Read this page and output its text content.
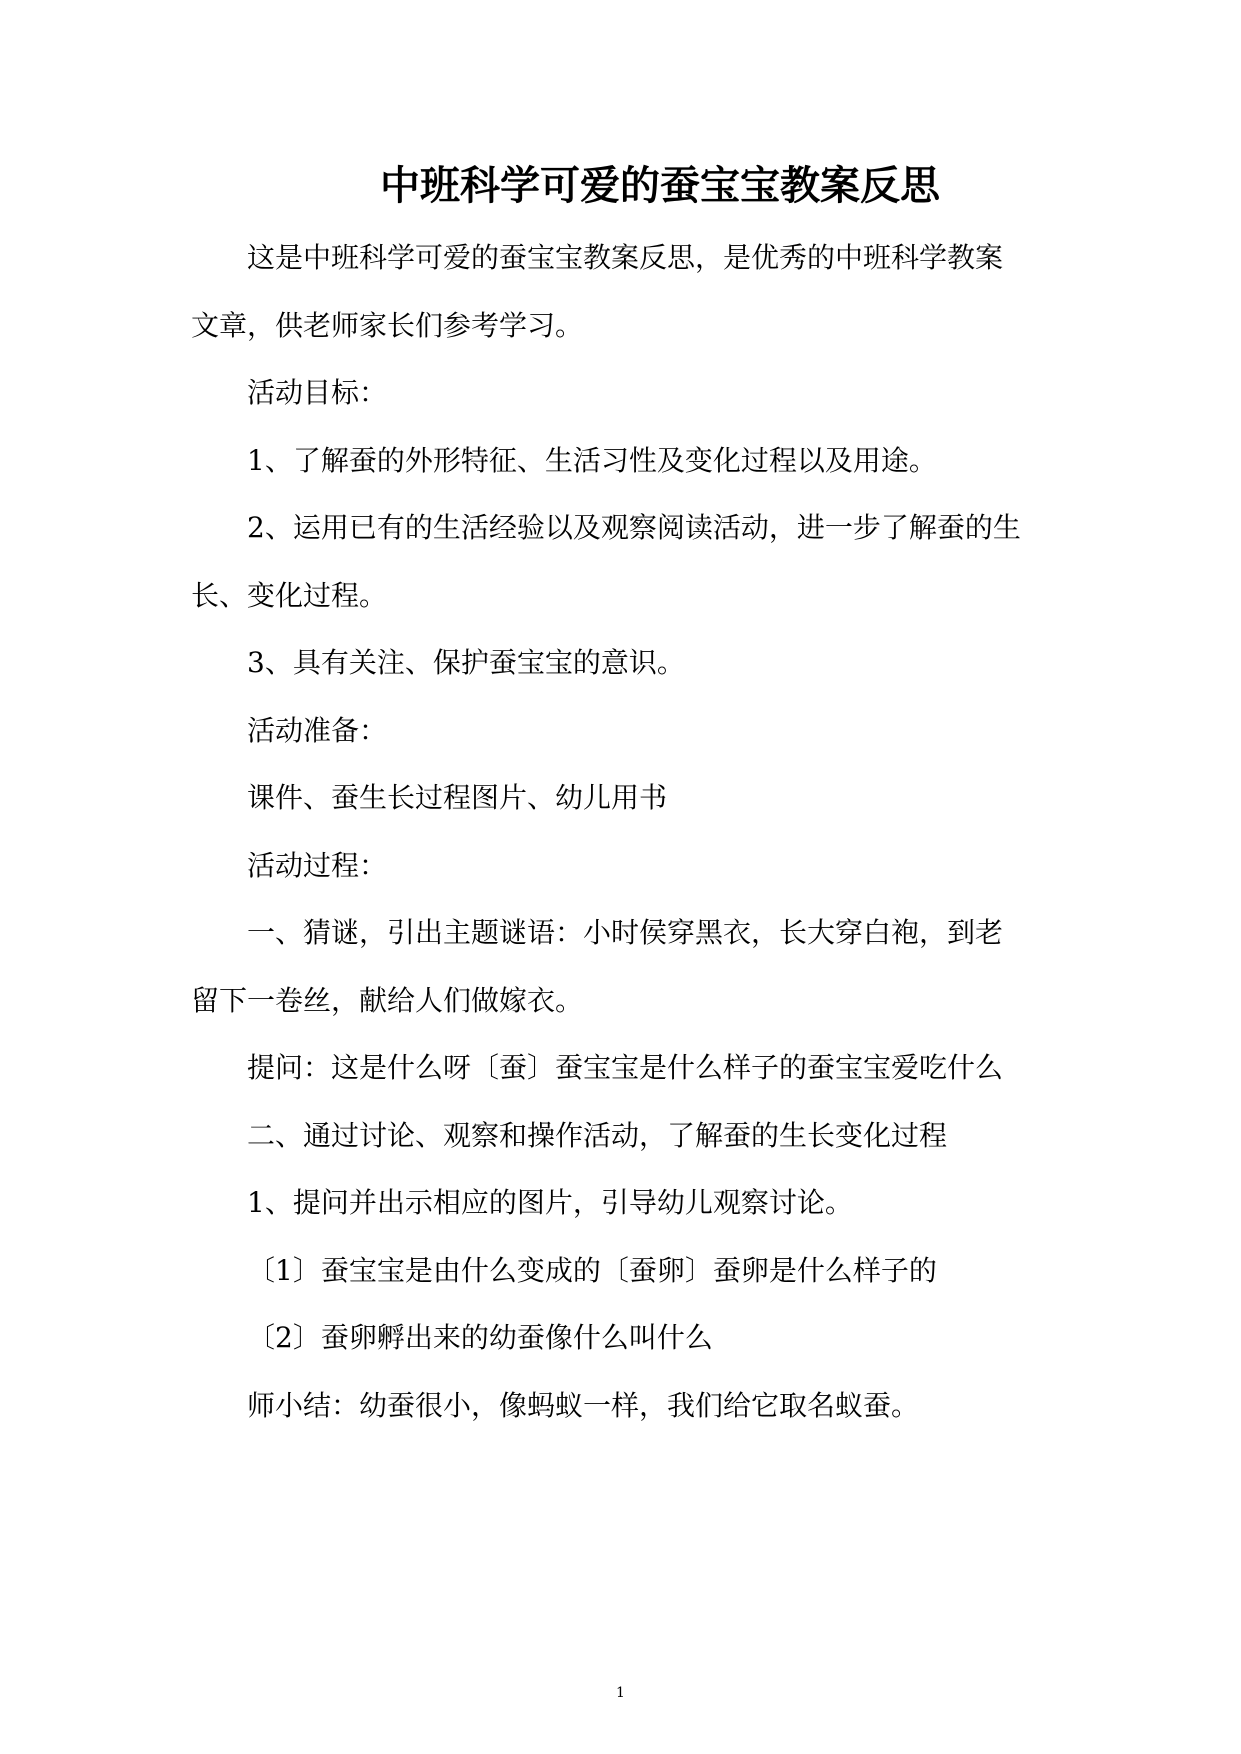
中班科学可爱的蚕宝宝教案反思
这是中班科学可爱的蚕宝宝教案反思，是优秀的中班科学教案
文章，供老师家长们参考学习。
活动目标：
1、了解蚕的外形特征、生活习性及变化过程以及用途。
2、运用已有的生活经验以及观察阅读活动，进一步了解蚕的生
长、变化过程。
3、具有关注、保护蚕宝宝的意识。
活动准备：
课件、蚕生长过程图片、幼儿用书
活动过程：
一、猜谜，引出主题谜语：小时侯穿黑衣，长大穿白袍，到老
留下一卷丝，献给人们做嫁衣。
提问：这是什么呀〔蚕〕蚕宝宝是什么样子的蚕宝宝爱吃什么
二、通过讨论、观察和操作活动，了解蚕的生长变化过程
1、提问并出示相应的图片，引导幼儿观察讨论。
〔1〕蚕宝宝是由什么变成的〔蚕卵〕蚕卵是什么样子的
〔2〕蚕卵孵出来的幼蚕像什么叫什么
师小结：幼蚕很小，像蚂蚁一样，我们给它取名蚁蚕。
1
